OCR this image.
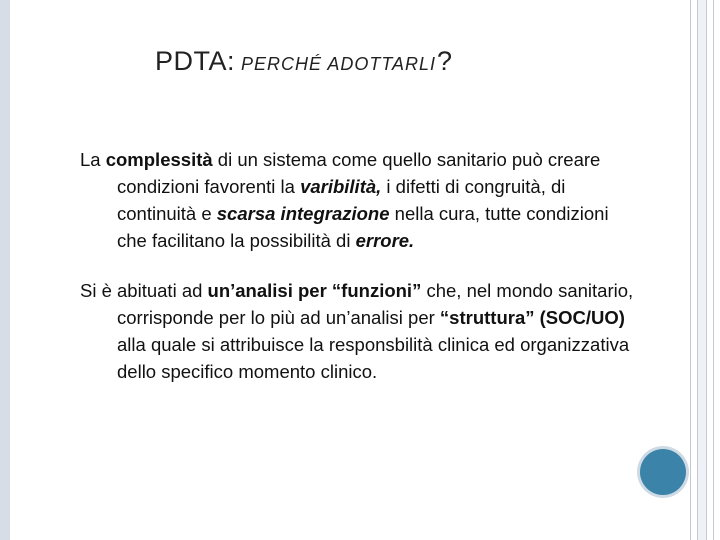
PDTA: PERCHÉ ADOTTARLI?

La complessità di un sistema come quello sanitario può creare condizioni favorenti la varibilità, i difetti di congruità, di continuità e scarsa integrazione nella cura, tutte condizioni che facilitano la possibilità di errore.

Si è abituati ad un’analisi per “funzioni” che, nel mondo sanitario, corrisponde per lo più ad un’analisi per “struttura” (SOC/UO) alla quale si attribuisce la responsbilità clinica ed organizzativa dello specifico momento clinico.
